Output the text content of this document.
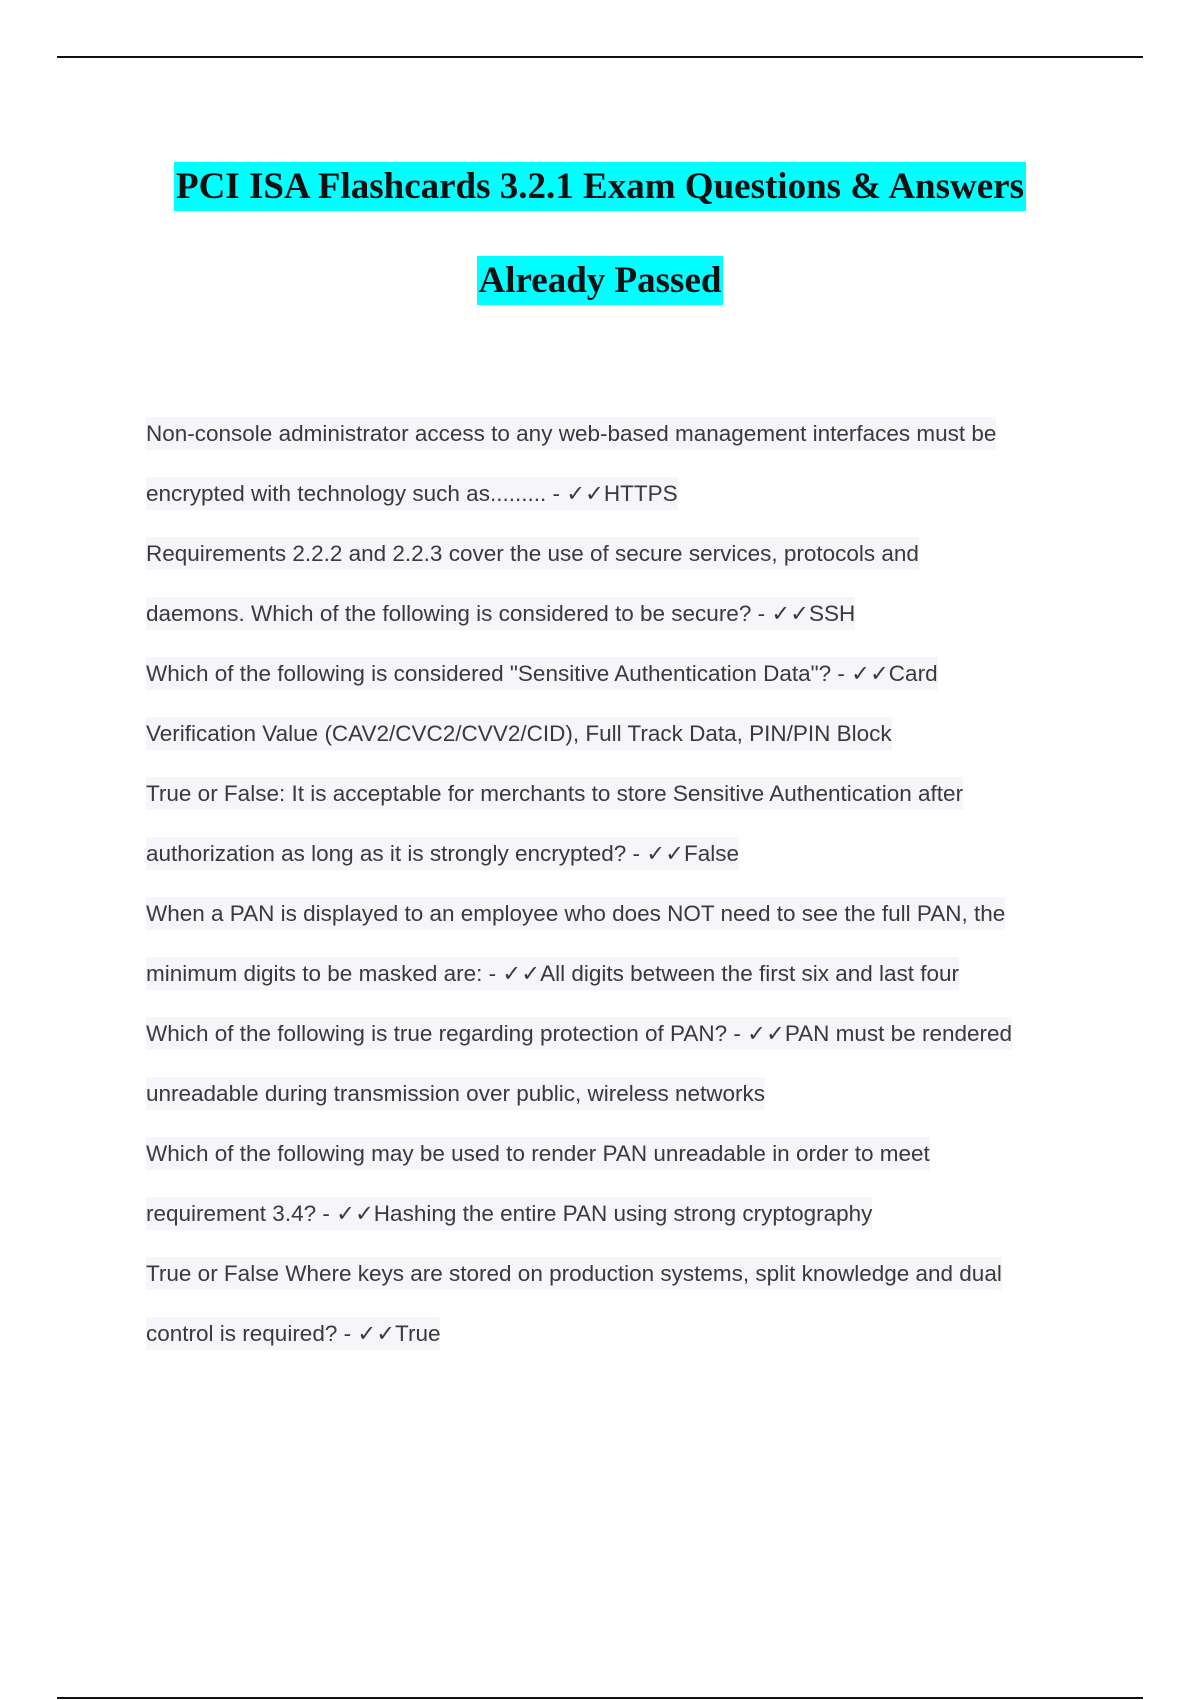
PCI ISA Flashcards 3.2.1 Exam Questions & Answers
Already Passed

Non-console administrator access to any web-based management interfaces must be
encrypted with technology such as......... - ✓✓HTTPS

Requirements 2.2.2 and 2.2.3 cover the use of secure services, protocols and
daemons. Which of the following is considered to be secure? - ✓✓SSH

Which of the following is considered "Sensitive Authentication Data"? - ✓✓Card
Verification Value (CAV2/CVC2/CVV2/CID), Full Track Data, PIN/PIN Block

True or False: It is acceptable for merchants to store Sensitive Authentication after
authorization as long as it is strongly encrypted? - ✓✓False

When a PAN is displayed to an employee who does NOT need to see the full PAN, the
minimum digits to be masked are: - ✓✓All digits between the first six and last four

Which of the following is true regarding protection of PAN? - ✓✓PAN must be rendered
unreadable during transmission over public, wireless networks

Which of the following may be used to render PAN unreadable in order to meet
requirement 3.4? - ✓✓Hashing the entire PAN using strong cryptography

True or False Where keys are stored on production systems, split knowledge and dual
control is required? - ✓✓True
